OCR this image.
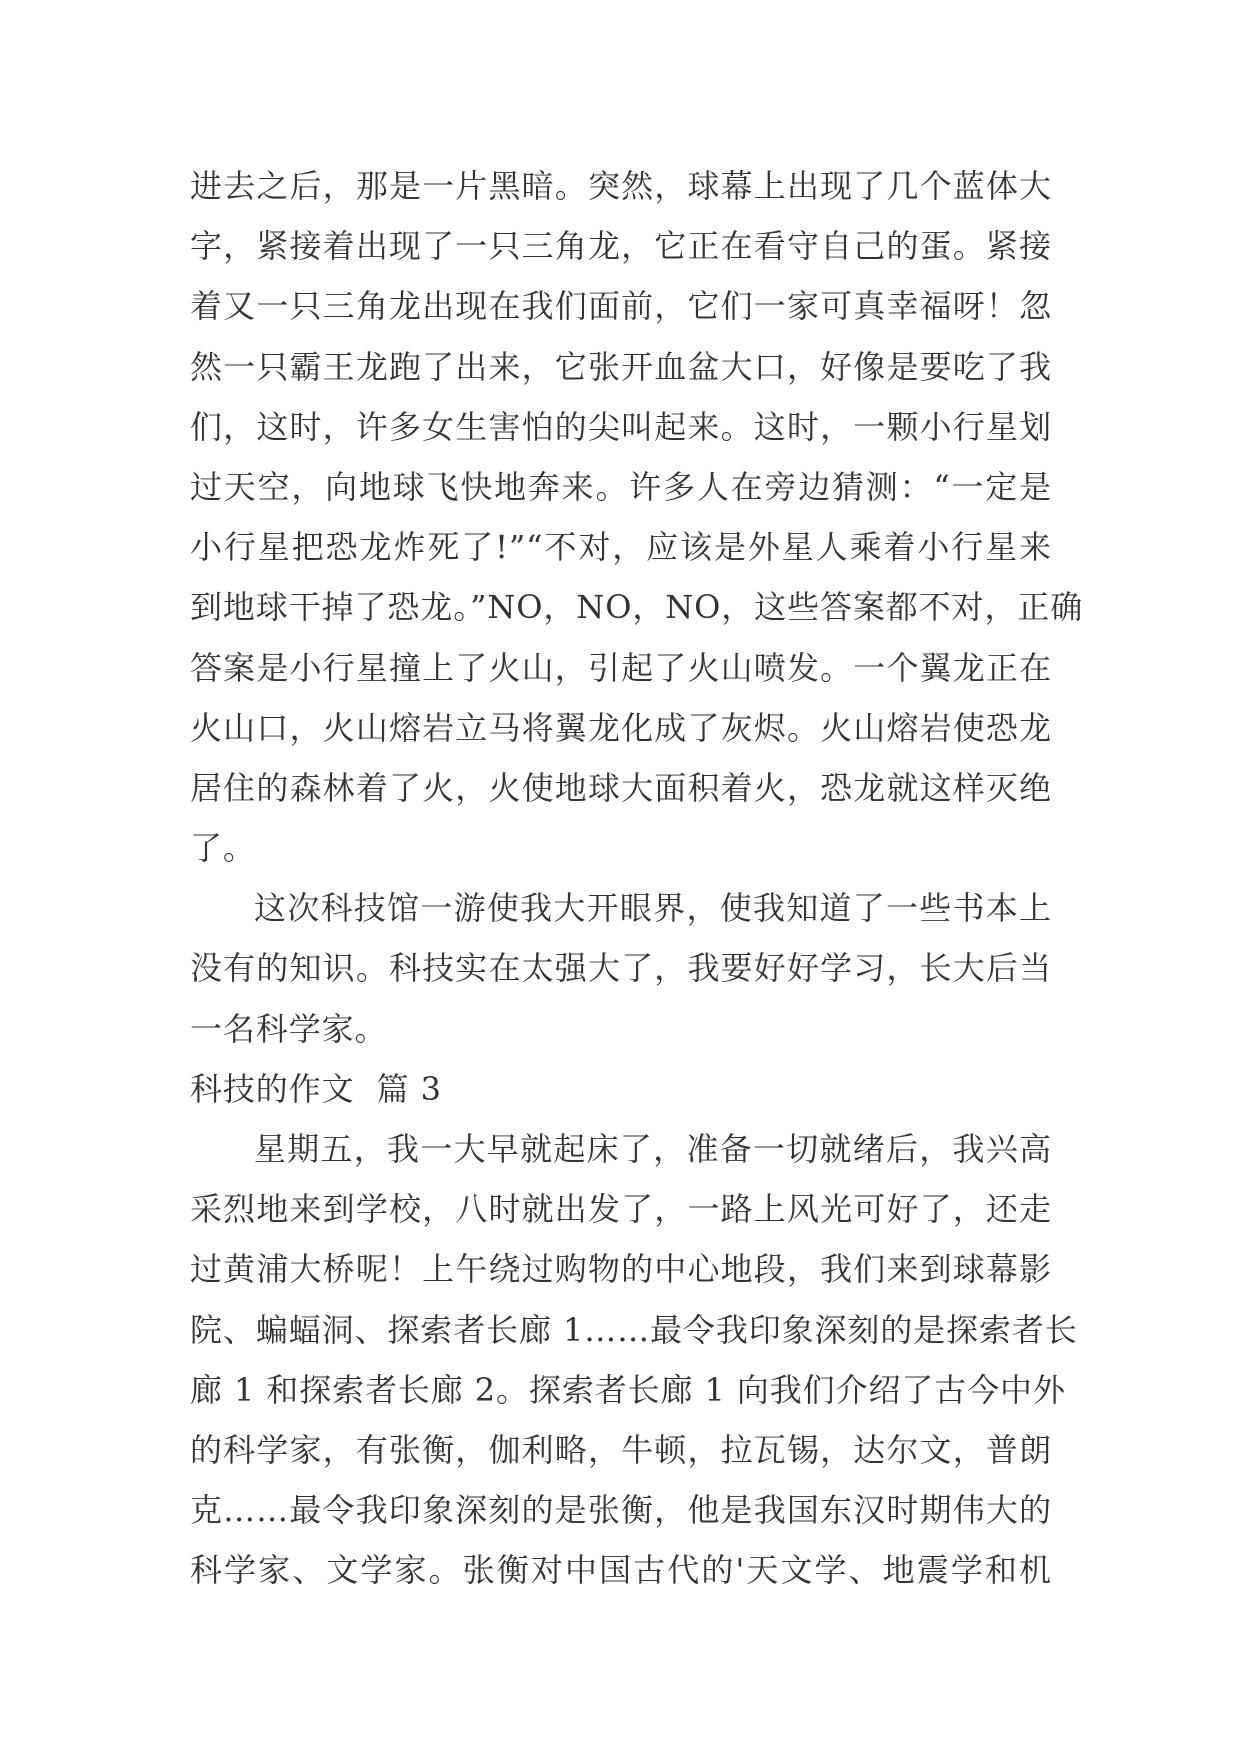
进去之后，那是一片黑暗。突然，球幕上出现了几个蓝体大
字，紧接着出现了一只三角龙，它正在看守自己的蛋。紧接
着又一只三角龙出现在我们面前，它们一家可真幸福呀！忽
然一只霸王龙跑了出来，它张开血盆大口，好像是要吃了我
们，这时，许多女生害怕的尖叫起来。这时，一颗小行星划
过天空，向地球飞快地奔来。许多人在旁边猜测：“一定是
小行星把恐龙炸死了!”“不对，应该是外星人乘着小行星来
到地球干掉了恐龙。”NO，NO，NO，这些答案都不对，正确
答案是小行星撞上了火山，引起了火山喷发。一个翼龙正在
火山口，火山熔岩立马将翼龙化成了灰烬。火山熔岩使恐龙
居住的森林着了火，火使地球大面积着火，恐龙就这样灭绝
了。
这次科技馆一游使我大开眼界，使我知道了一些书本上
没有的知识。科技实在太强大了，我要好好学习，长大后当
一名科学家。
科技的作文  篇 3
星期五，我一大早就起床了，准备一切就绪后，我兴高
采烈地来到学校，八时就出发了，一路上风光可好了，还走
过黄浦大桥呢！上午绕过购物的中心地段，我们来到球幕影
院、蝙蝠洞、探索者长廊 1……最令我印象深刻的是探索者长
廊 1 和探索者长廊 2。探索者长廊 1 向我们介绍了古今中外
的科学家，有张衡，伽利略，牛顿，拉瓦锡，达尔文，普朗
克……最令我印象深刻的是张衡，他是我国东汉时期伟大的
科学家、文学家。张衡对中国古代的'天文学、地震学和机
